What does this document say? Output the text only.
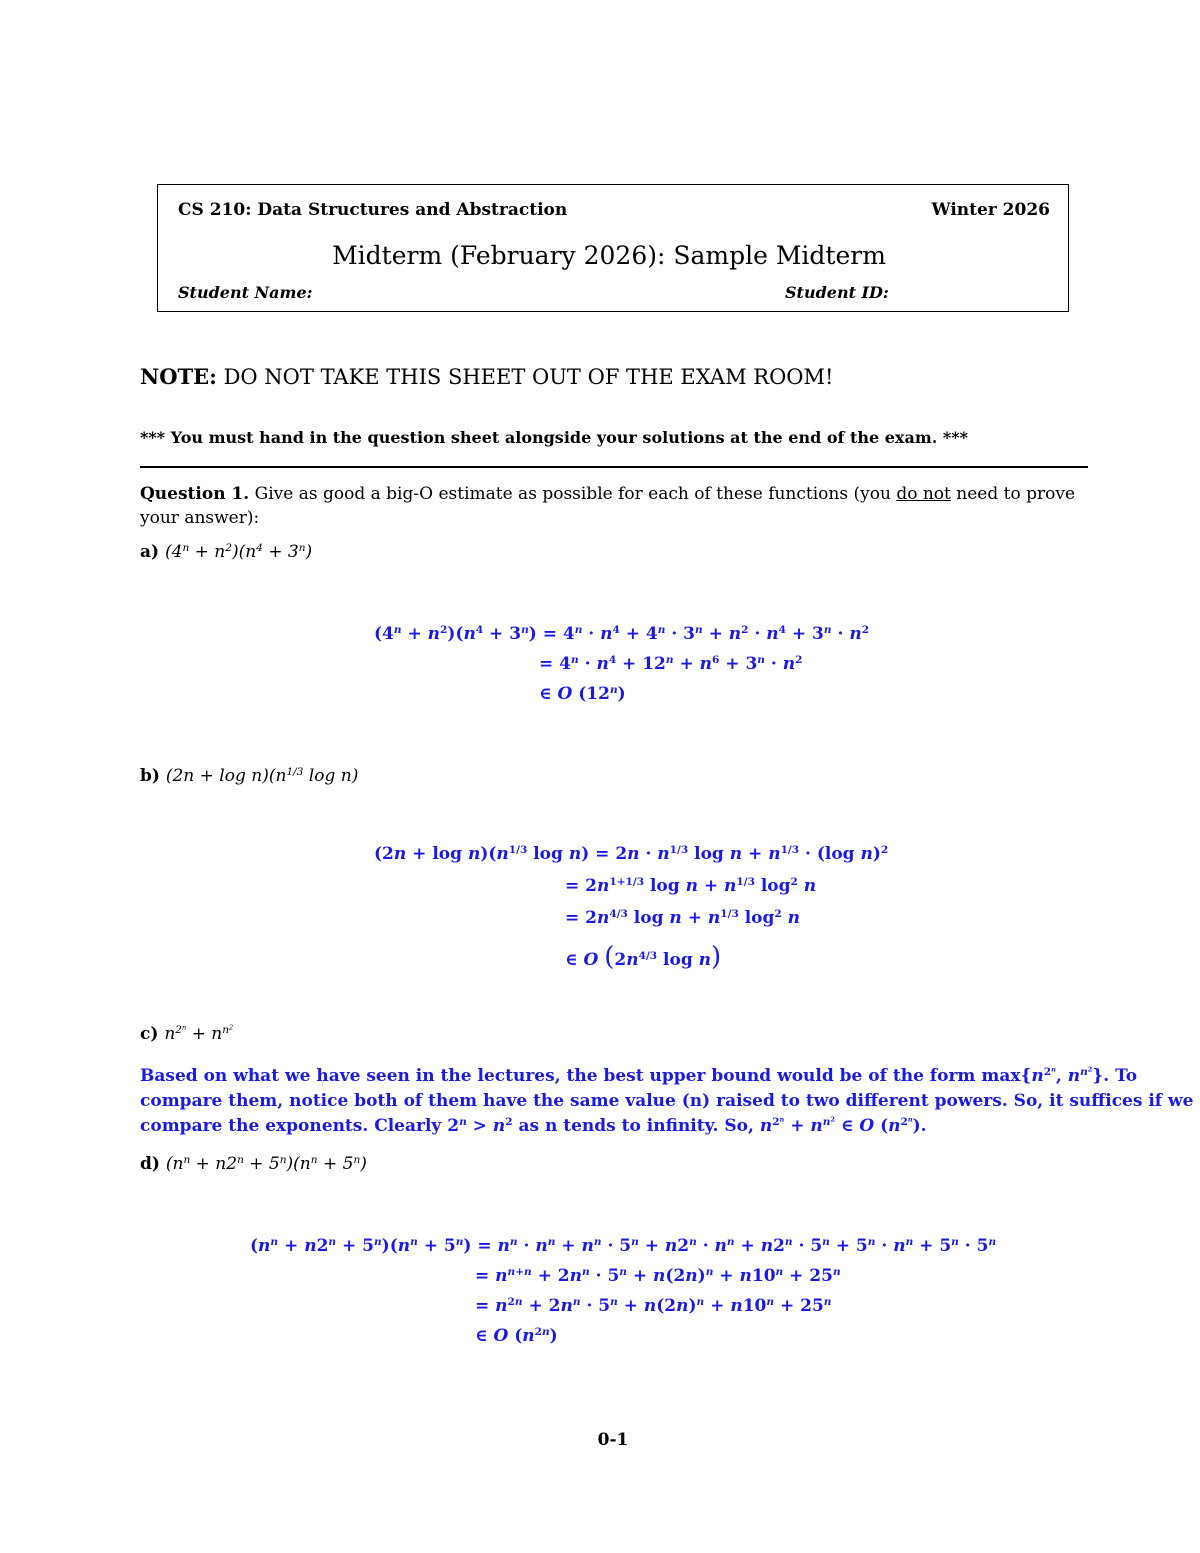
CS 210: Data Structures and Abstraction	Winter 2026
Midterm (February 2026): Sample Midterm
Student Name:	Student ID:
NOTE: DO NOT TAKE THIS SHEET OUT OF THE EXAM ROOM!
*** You must hand in the question sheet alongside your solutions at the end of the exam. ***
Question 1. Give as good a big-O estimate as possible for each of these functions (you do not need to prove your answer):
a) $(4^n + n^2)(n^4 + 3^n)$
$(4^n + n^2)(n^4 + 3^n) = 4^n \cdot n^4 + 4^n \cdot 3^n + n^2 \cdot n^4 + 3^n \cdot n^2$
= $4^n \cdot n^4 + 12^n + n^6 + 3^n \cdot n^2$
∈ O (12$^n$)
b) $(2n + \log n)(n^{1/3}$ log n)
$(2n + \log n)(n^{1/3}$ $\log n) = 2n \cdot n^{1/3}$ $\log n + n^{1/3} \cdot (\log$ n)$^2$
= $2n^{1+1/3}$ $\log n + n^{1/3}$ $\log^2 n$
= $2n^{4/3}$ $\log n + n^{1/3}$ $\log^2 n$
∈ O ($2n^{4/3}$ log n)
c) $n^{2^n} + n^{n^2}$
Based on what we have seen in the lectures, the best upper bound would be of the form $\max\{n^{2^n}$, $n^{n^2}$}. To
compare them, notice both of them have the same value (n) raised to two different powers. So, it suffices if we
compare the exponents. Clearly $2^n > n^2$ as n tends to infinity. So, $n^{2^n} + n^{n^2}$ ∈ O $(n^{2^n})$.
d) $(n^n + n2^n + 5^n)(n^n + 5^n)$
$(n^n + n2^n + 5^n)(n^n + 5^n) = n^n \cdot n^n + n^n \cdot 5^n + n2^n \cdot n^n + n2^n \cdot 5^n + 5^n \cdot n^n + 5^n \cdot 5^n$
= $n^{n+n} + 2n^n \cdot 5^n + n(2n)^n + n10^n + 25^n$
= $n^{2n} + 2n^n \cdot 5^n + n(2n)^n + n10^n + 25^n$
∈ O $(n^{2n})$
0-1
